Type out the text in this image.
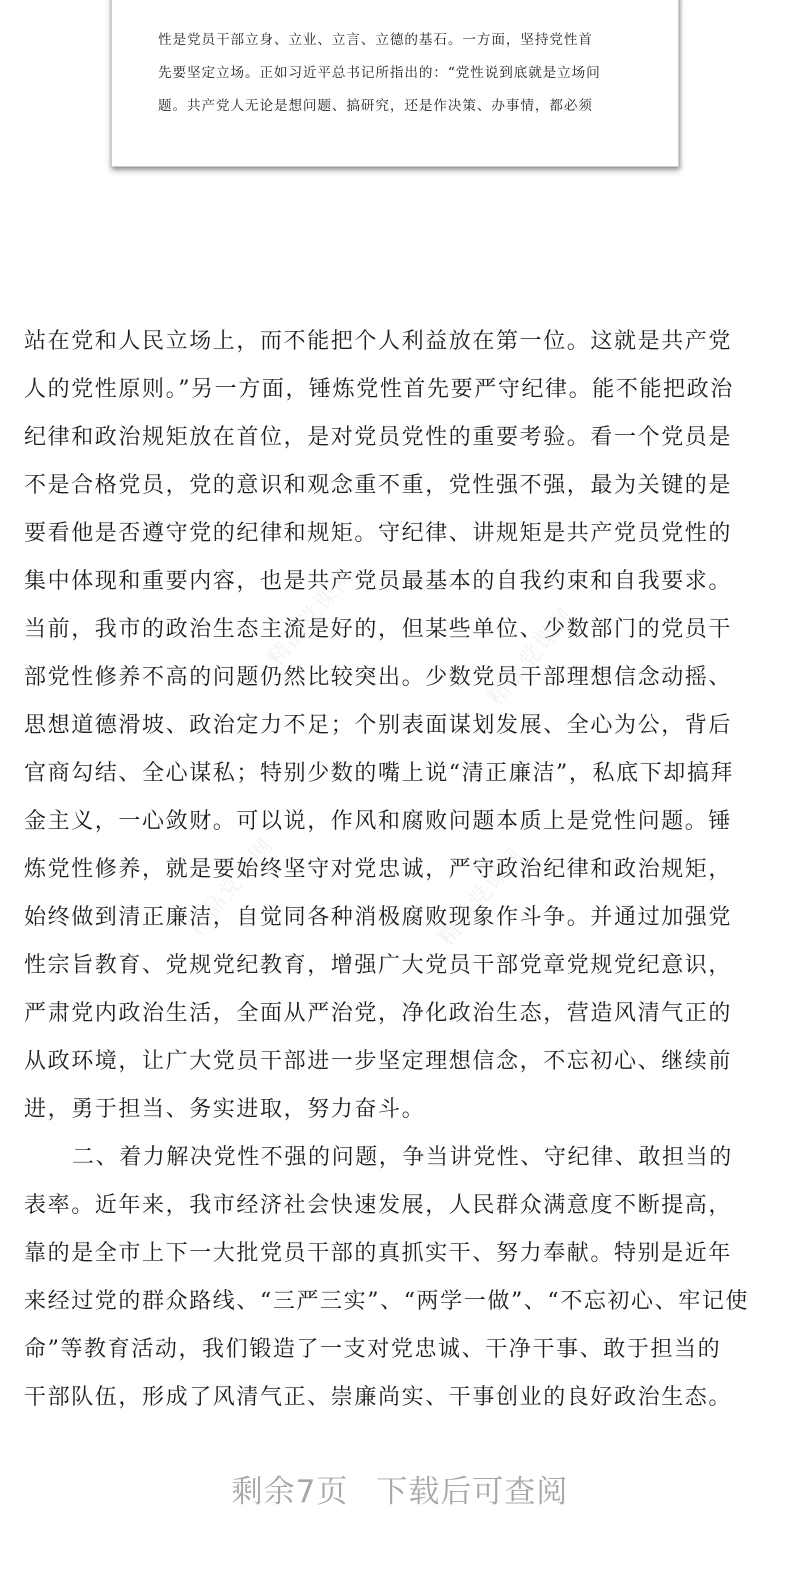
性是党员干部立身、立业、立言、立德的基石。一方面，坚持党性首
先要坚定立场。正如习近平总书记所指出的：“党性说到底就是立场问
题。共产党人无论是想问题、搞研究，还是作决策、办事情，都必须
站在党和人民立场上，而不能把个人利益放在第一位。这就是共产党
人的党性原则。”另一方面，锤炼党性首先要严守纪律。能不能把政治
纪律和政治规矩放在首位，是对党员党性的重要考验。看一个党员是
不是合格党员，党的意识和观念重不重，党性强不强，最为关键的是
要看他是否遵守党的纪律和规矩。守纪律、讲规矩是共产党员党性的
集中体现和重要内容，也是共产党员最基本的自我约束和自我要求。
当前，我市的政治生态主流是好的，但某些单位、少数部门的党员干
部党性修养不高的问题仍然比较突出。少数党员干部理想信念动摇、
思想道德滑坡、政治定力不足；个别表面谋划发展、全心为公，背后
官商勾结、全心谋私；特别少数的嘴上说“清正廉洁”，私底下却搞拜
金主义，一心敛财。可以说，作风和腐败问题本质上是党性问题。锤
炼党性修养，就是要始终坚守对党忠诚，严守政治纪律和政治规矩，
始终做到清正廉洁，自觉同各种消极腐败现象作斗争。并通过加强党
性宗旨教育、党规党纪教育，增强广大党员干部党章党规党纪意识，
严肃党内政治生活，全面从严治党，净化政治生态，营造风清气正的
从政环境，让广大党员干部进一步坚定理想信念，不忘初心、继续前
进，勇于担当、务实进取，努力奋斗。
二、着力解决党性不强的问题，争当讲党性、守纪律、敢担当的
表率。近年来，我市经济社会快速发展，人民群众满意度不断提高，
靠的是全市上下一大批党员干部的真抓实干、努力奉献。特别是近年
来经过党的群众路线、“三严三实”、“两学一做”、“不忘初心、牢记使
命”等教育活动，我们锻造了一支对党忠诚、干净干事、敢于担当的
干部队伍，形成了风清气正、崇廉尚实、干事创业的良好政治生态。
精品党课网	精品党课网
精品党课网	精品党课网
剩余7页 下载后可查阅
